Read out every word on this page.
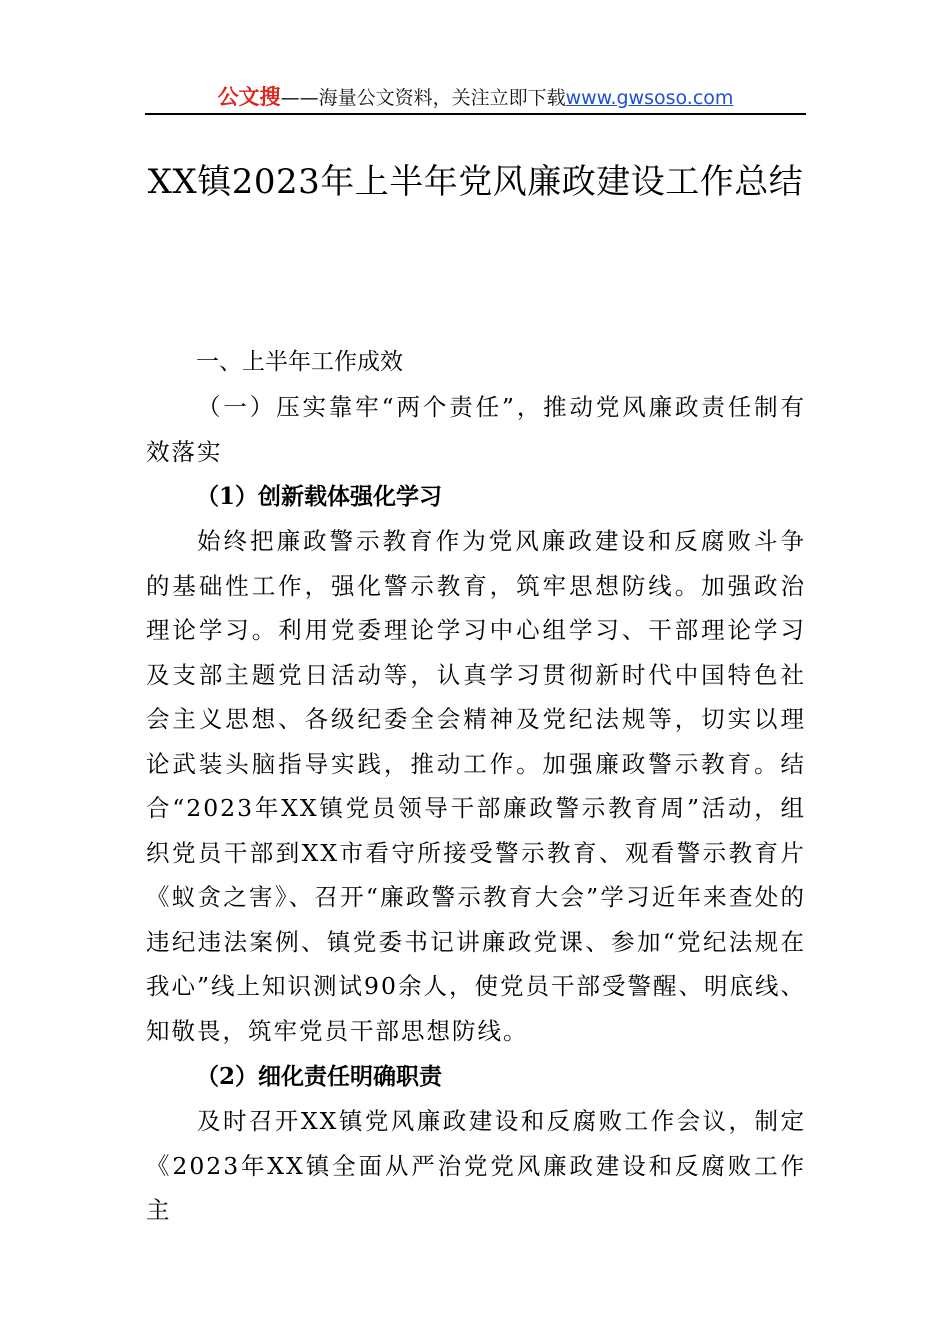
公文搜——海量公文资料，关注立即下载www.gwsoso.com
XX镇2023年上半年党风廉政建设工作总结
一、上半年工作成效
（一）压实靠牢“两个责任”，推动党风廉政责任制有效落实
（1）创新载体强化学习
始终把廉政警示教育作为党风廉政建设和反腐败斗争的基础性工作，强化警示教育，筑牢思想防线。加强政治理论学习。利用党委理论学习中心组学习、干部理论学习及支部主题党日活动等，认真学习贯彻新时代中国特色社会主义思想、各级纪委全会精神及党纪法规等，切实以理论武装头脑指导实践，推动工作。加强廉政警示教育。结合“2023年XX镇党员领导干部廉政警示教育周”活动，组织党员干部到XX市看守所接受警示教育、观看警示教育片《蚁贪之害》、召开“廉政警示教育大会”学习近年来查处的违纪违法案例、镇党委书记讲廉政党课、参加“党纪法规在我心”线上知识测试90余人，使党员干部受警醒、明底线、知敬畏，筑牢党员干部思想防线。
（2）细化责任明确职责
及时召开XX镇党风廉政建设和反腐败工作会议，制定《2023年XX镇全面从严治党党风廉政建设和反腐败工作主
